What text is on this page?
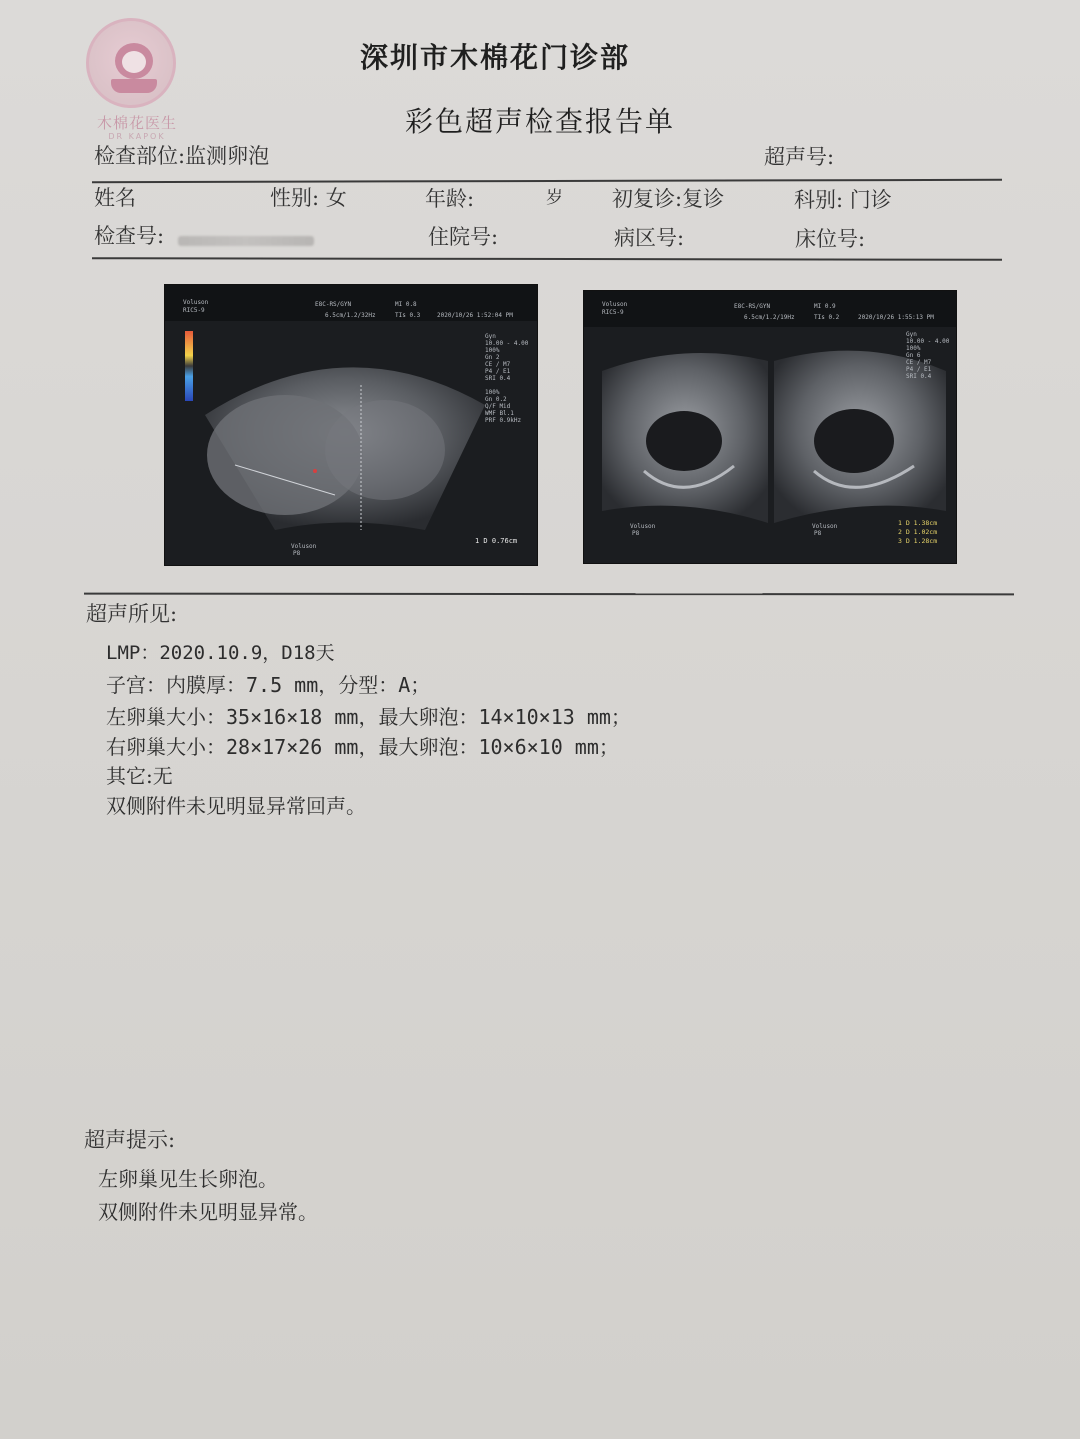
木棉花医生
DR KAPOK
深圳市木棉花门诊部
彩色超声检查报告单
检查部位:监测卵泡	超声号:
姓名	性别: 女	年龄:	岁 初复诊:复诊	科别: 门诊
检查号:	住院号:	病区号:	床位号:
Voluson
RIC5-9
E8C-RS/GYN	MI 0.8
6.5cm/1.2/32Hz	TIs 0.3	2020/10/26 1:52:04 PM
Gyn
10.00 - 4.00
100%
Gn 2
CE / M7
P4 / E1
SRI 0.4

100%
Gn 0.2
Q/F Mid
WMF Bl.1
PRF 0.9kHz
Voluson
P8
1 D 0.76cm
Voluson
RIC5-9
E8C-RS/GYN	MI 0.9
6.5cm/1.2/19Hz	TIs 0.2	2020/10/26 1:55:13 PM
Gyn
10.00 - 4.00
100%
Gn 6
CE / M7
P4 / E1
SRI 0.4
Voluson
P8
Voluson
P8
1 D 1.38cm
2 D 1.02cm
3 D 1.28cm
超声所见:
LMP：2020.10.9，D18天
子宫：内膜厚：7.5 mm，分型：A；
左卵巢大小：35×16×18 mm，最大卵泡：14×10×13 mm；
右卵巢大小：28×17×26 mm，最大卵泡：10×6×10 mm；
其它:无
双侧附件未见明显异常回声。
超声提示:
左卵巢见生长卵泡。
双侧附件未见明显异常。
